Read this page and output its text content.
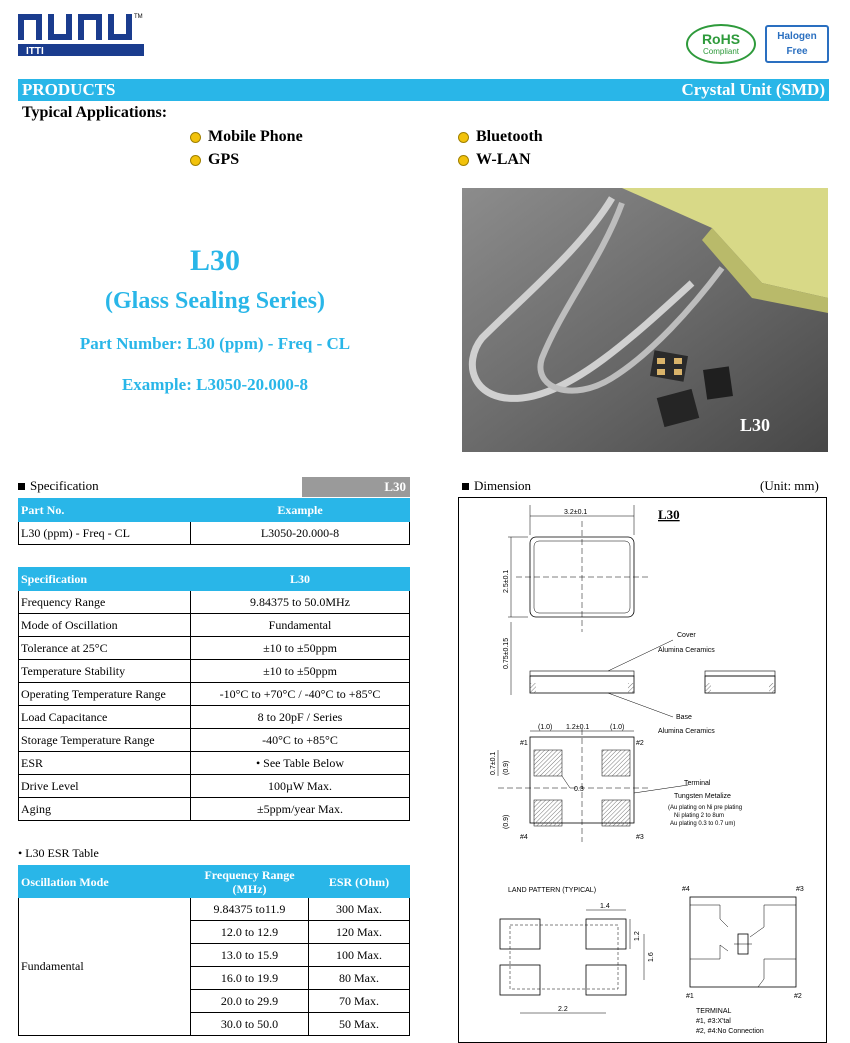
ITTI
TM
RoHS
Compliant
Halogen
Free
PRODUCTS	Crystal Unit (SMD)
Typical Applications:
Mobile Phone	Bluetooth
GPS	W-LAN
L30
(Glass Sealing Series)
Part Number: L30 (ppm) - Freq - CL
Example: L3050-20.000-8
L30
Specification	L30
Part No.	Example
L30 (ppm) - Freq - CL	L3050-20.000-8
Specification	L30
Frequency Range	9.84375 to 50.0MHz
Mode of Oscillation	Fundamental
Tolerance at 25°C	±10 to ±50ppm
Temperature Stability	±10 to ±50ppm
Operating Temperature Range	-10°C to +70°C / -40°C to +85°C
Load Capacitance	8 to 20pF / Series
Storage Temperature Range	-40°C to +85°C
ESR	• See Table Below
Drive Level	100µW Max.
Aging	±5ppm/year Max.
• L30 ESR Table
Oscillation Mode	Frequency Range (MHz)	ESR (Ohm)
Fundamental	9.84375 to11.9	300 Max.
	12.0 to 12.9	120 Max.
	13.0 to 15.9	100 Max.
	16.0 to 19.9	80 Max.
	20.0 to 29.9	70 Max.
	30.0 to 50.0	50 Max.
Dimension	(Unit: mm)
L30
3.2±0.1
2.5±0.1
0.75±0.15
Cover
Alumina Ceramics
Base
Alumina Ceramics
(1.0) 1.2±0.1	(1.0)
#1	#2
#4	#3
0.3
0.7±0.1 (0.9)
(0.9)
Terminal
Tungsten Metalize
(Au plating on Ni pre plating
Ni plating 2 to 8um
Au plating 0.3 to 0.7 um)
LAND PATTERN (TYPICAL)
1.4
1.2
1.6
2.2
#4	#3
#1	#2
TERMINAL
#1, #3:X'tal
#2, #4:No Connection
